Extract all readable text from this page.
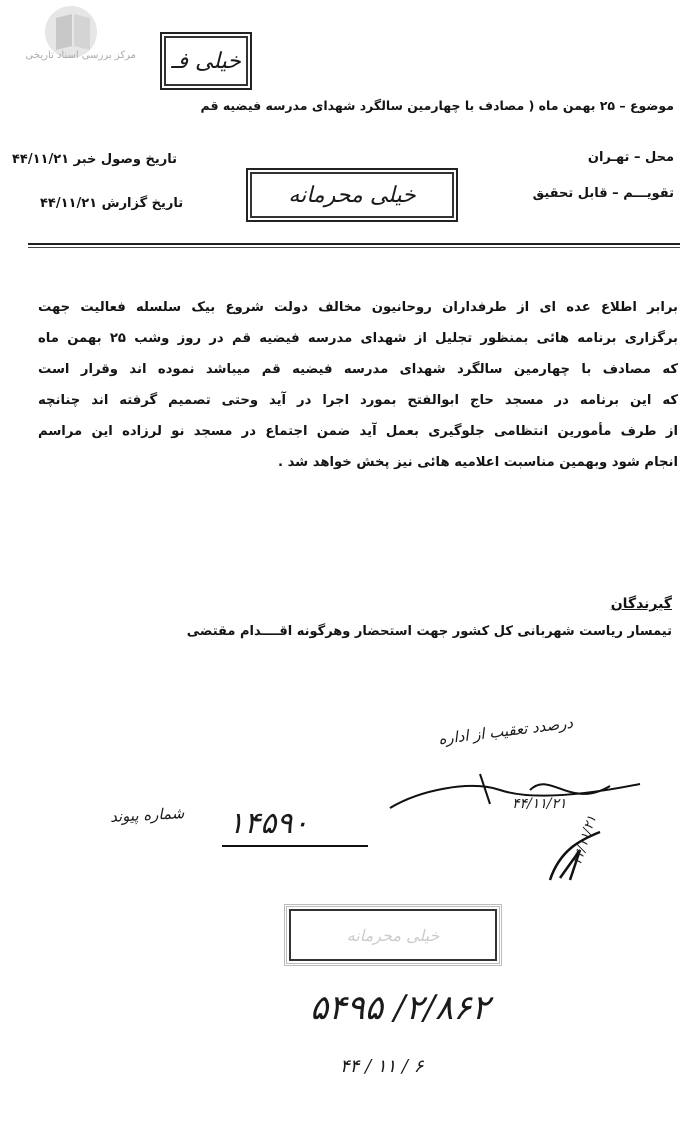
مرکز بررسی اسناد تاریخی	خیلی فـ
خیلی محرمانه
خیلی محرمانه
موضوع – ۲۵ بهمن ماه ( مصادف با چهارمین سالگرد شهدای مدرسه فیضیه قم
محل – تهـران
تقویـــم – قابل تحقیق
تاریخ وصول خبر ۴۴/۱۱/۲۱
تاریخ گزارش ۴۴/۱۱/۲۱

برابر اطلاع عده ای از طرفداران روحانیون مخالف دولت شروع بیک سلسله فعالیت جهت

برگزاری برنامه هائی بمنظور تجلیل از شهدای مدرسه فیضیه قم در روز وشب ۲۵ بهمن ماه

که مصادف با چهارمین سالگرد شهدای مدرسه فیضیه قم میباشد نموده اند وقرار است

که این برنامه در مسجد حاج ابوالفتح بمورد اجرا در آید وحتی تصمیم گرفته اند چنانچه

از طرف مأمورین انتظامی جلوگیری بعمل آید ضمن اجتماع در مسجد نو لرزاده این مراسم

انجام شود وبهمین مناسبت اعلامیه هائی نیز پخش خواهد شد .

گیرندگان
تیمسار ریاست شهربانی کل کشور جهت استحضار وهرگونه اقــــدام مقتضی
درصدد تعقیب از اداره
۴۴/۱۱/۲۱
شماره پیوند ۱۴۵۹۰	۴۴/۱۱/۲۱
۲/۸۶۲/ ۵۴۹۵
۶ / ۱۱ / ۴۴
